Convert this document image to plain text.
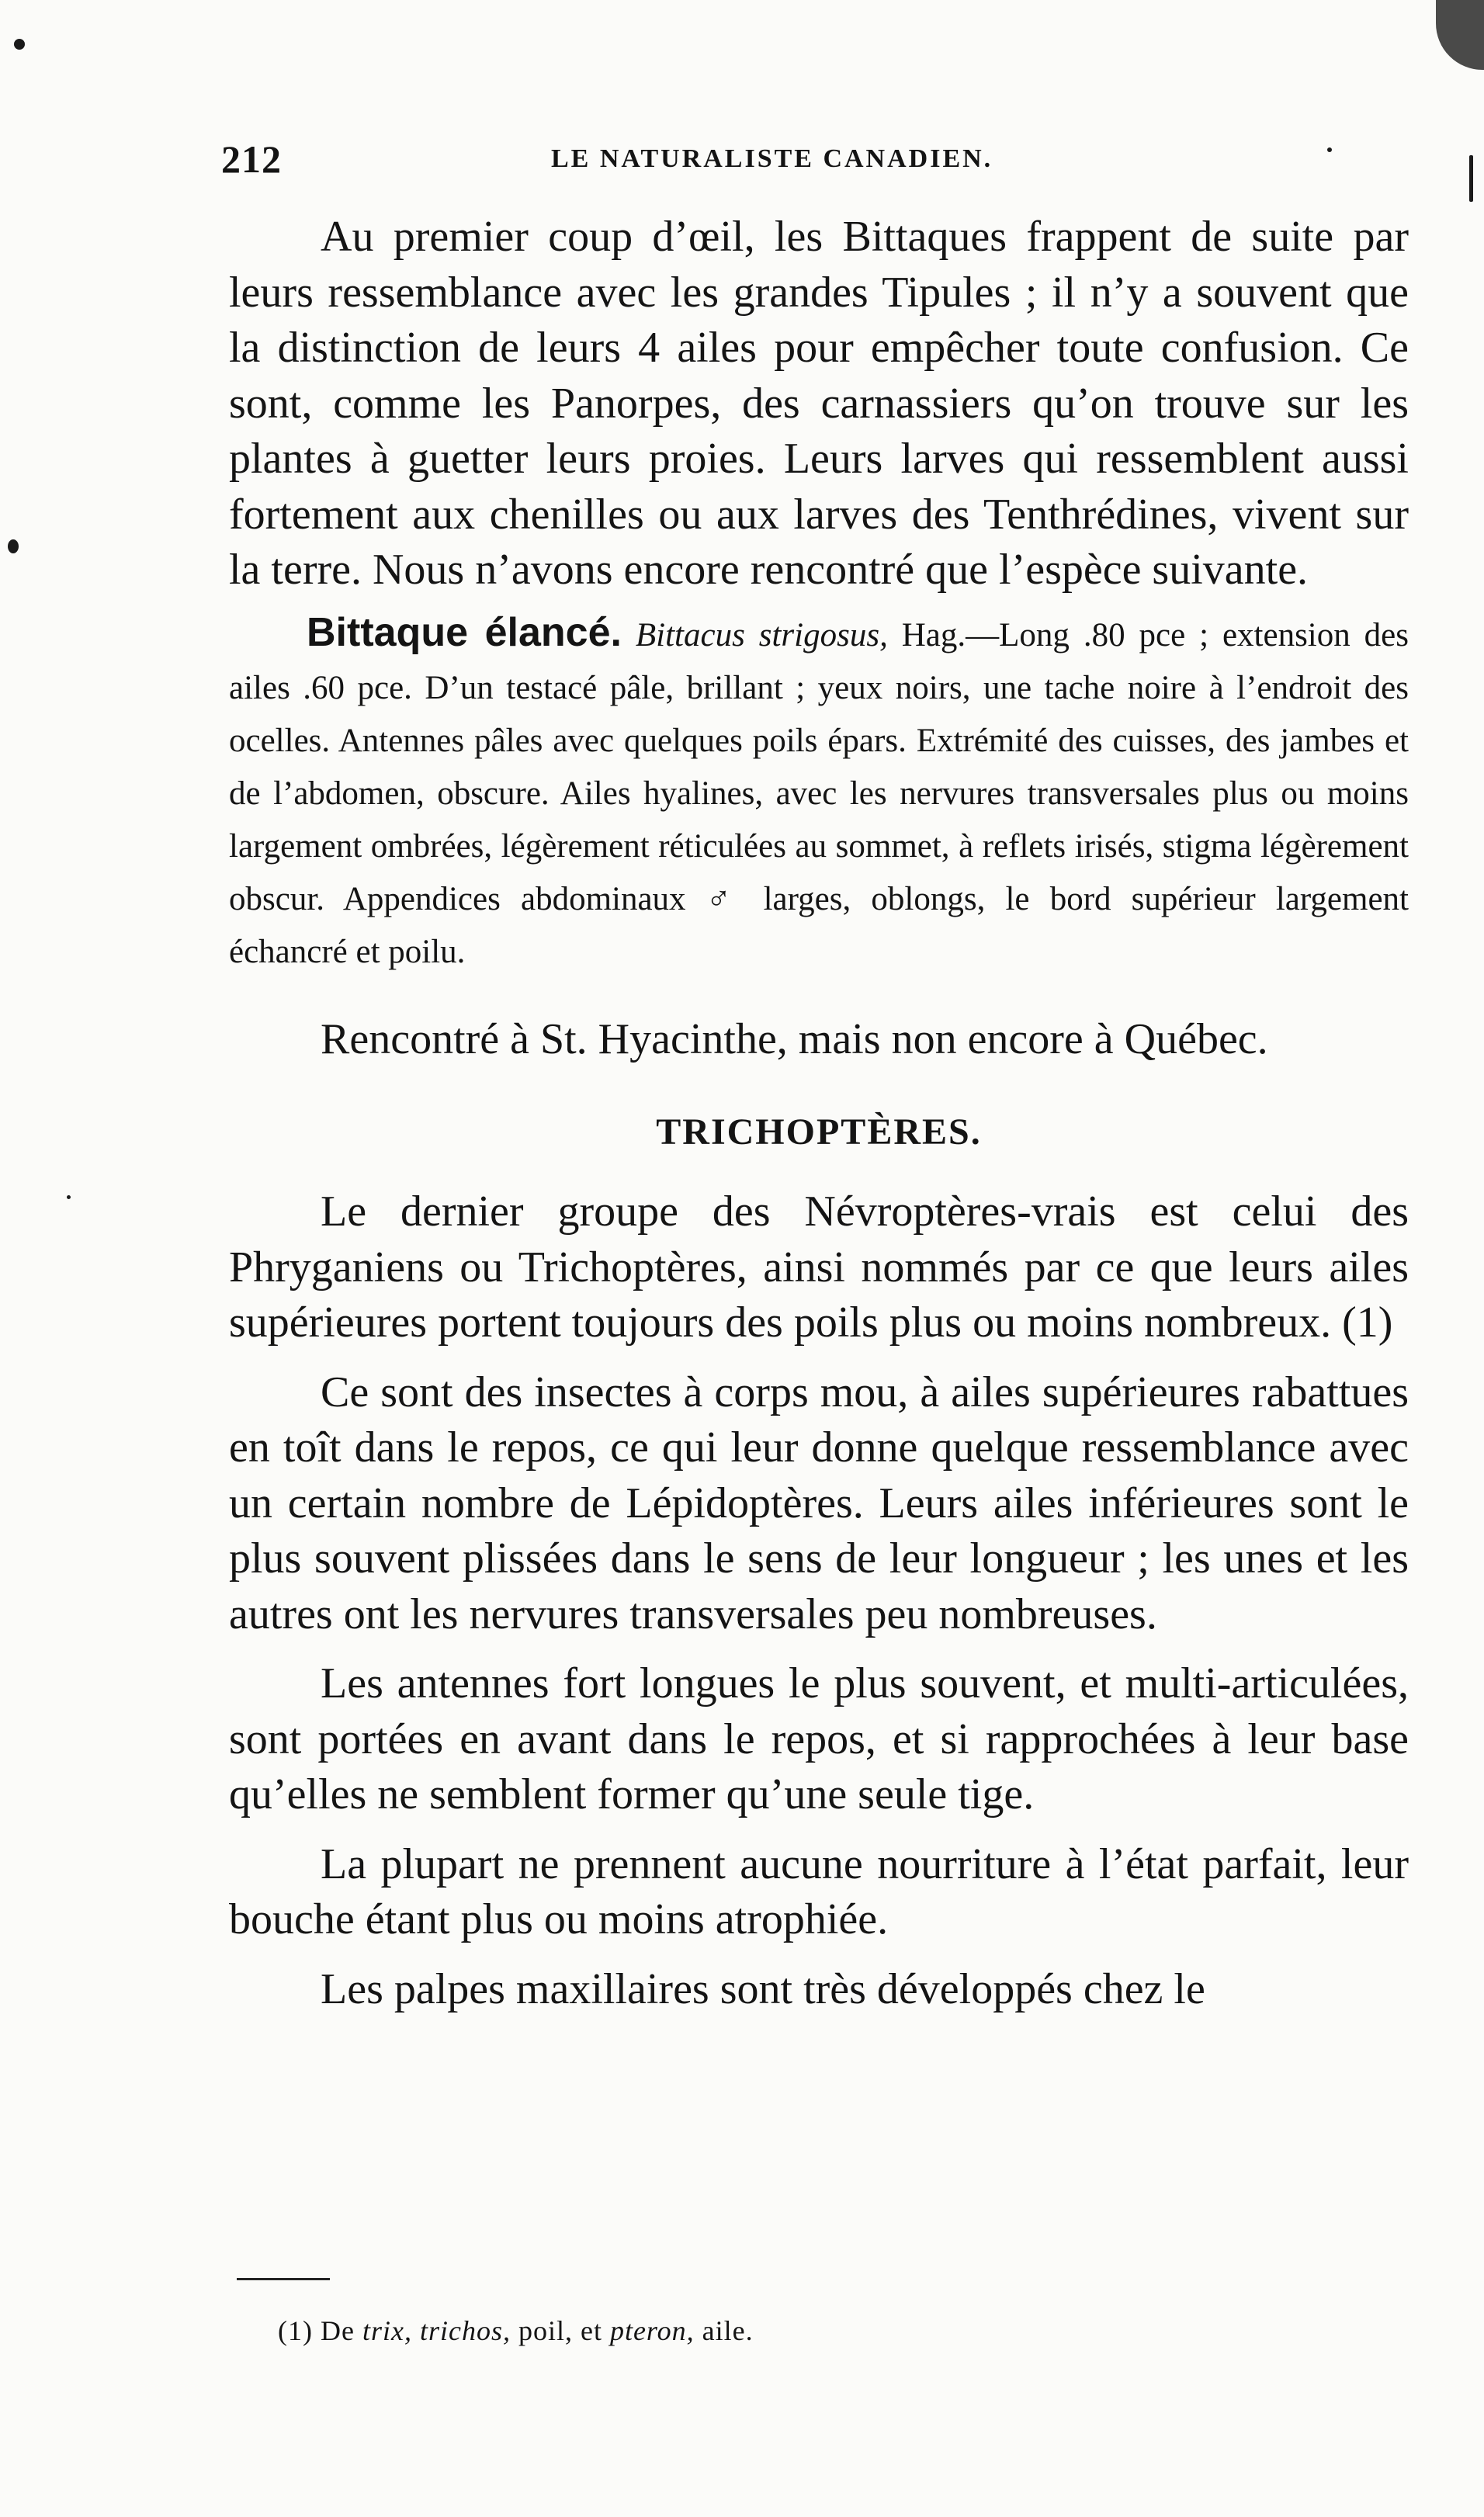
212	LE NATURALISTE CANADIEN.

Au premier coup d’œil, les Bittaques frappent de suite par leurs ressemblance avec les grandes Tipules ; il n’y a souvent que la distinction de leurs 4 ailes pour empêcher toute confusion. Ce sont, comme les Panorpes, des carnassiers qu’on trouve sur les plantes à guetter leurs proies. Leurs larves qui ressemblent aussi fortement aux chenilles ou aux larves des Tenthrédines, vivent sur la terre. Nous n’avons encore rencontré que l’espèce suivante.

Bittaque élancé. Bittacus strigosus, Hag.—Long .80 pce ; extension des ailes .60 pce. D’un testacé pâle, brillant ; yeux noirs, une tache noire à l’endroit des ocelles. Antennes pâles avec quelques poils épars. Extrémité des cuisses, des jambes et de l’abdomen, obscure. Ailes hyalines, avec les nervures transversales plus ou moins largement ombrées, légèrement réticulées au sommet, à reflets irisés, stigma légèrement obscur. Appendices abdominaux ♂ larges, oblongs, le bord supérieur largement échancré et poilu.

Rencontré à St. Hyacinthe, mais non encore à Québec.

TRICHOPTÈRES.

Le dernier groupe des Névroptères-vrais est celui des Phryganiens ou Trichoptères, ainsi nommés par ce que leurs ailes supérieures portent toujours des poils plus ou moins nombreux. (1)

Ce sont des insectes à corps mou, à ailes supérieures rabattues en toît dans le repos, ce qui leur donne quelque ressemblance avec un certain nombre de Lépidoptères. Leurs ailes inférieures sont le plus souvent plissées dans le sens de leur longueur ; les unes et les autres ont les nervures transversales peu nombreuses.

Les antennes fort longues le plus souvent, et multi-articulées, sont portées en avant dans le repos, et si rapprochées à leur base qu’elles ne semblent former qu’une seule tige.

La plupart ne prennent aucune nourriture à l’état parfait, leur bouche étant plus ou moins atrophiée.

Les palpes maxillaires sont très développés chez le

(1) De trix, trichos, poil, et pteron, aile.
